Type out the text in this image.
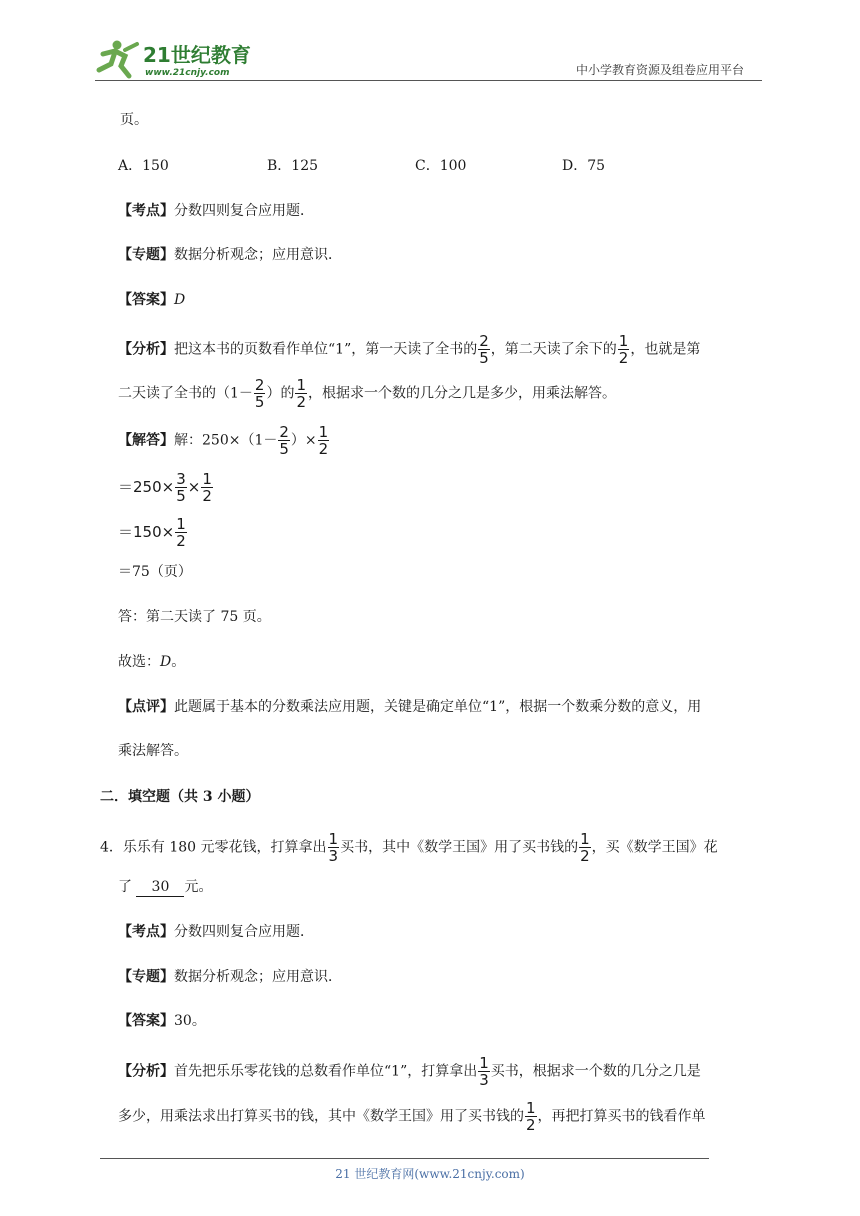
21世纪教育
www.21cnjy.com	中小学教育资源及组卷应用平台
页。
A．150	B．125	C．100	D．75
【考点】分数四则复合应用题．
【专题】数据分析观念；应用意识．
【答案】D
【分析】把这本书的页数看作单位“1”，第一天读了全书的 $\frac{2}{5}$ ，第二天读了余下的 $\frac{1}{2}$ ，也就是第
二天读了全书的（$1- \frac{2}{5}$ ）的 $\frac{1}{2}$ ，根据求一个数的几分之几是多少，用乘法解答。
【解答】解：$250\times(1- \frac{2}{5}$ ）× $\frac{1}{2}$
$=250\times \frac{3}{5} \times \frac{1}{2}$
$=150\times \frac{1}{2}$
＝75（页）
答：第二天读了 75 页。
故选：D。
【点评】此题属于基本的分数乘法应用题，关键是确定单位“1”，根据一个数乘分数的意义，用
乘法解答。
二．填空题（共 3 小题）
4．乐乐有 180 元零花钱，打算拿出 $\frac{1}{3}$ 买书，其中《数学王国》用了买书钱的 $\frac{1}{2}$ ，买《数学王国》花
了 30 元。
【考点】分数四则复合应用题．
【专题】数据分析观念；应用意识．
【答案】30。
【分析】首先把乐乐零花钱的总数看作单位“1”，打算拿出 $\frac{1}{3}$ 买书，根据求一个数的几分之几是
多少，用乘法求出打算买书的钱，其中《数学王国》用了买书钱的 $\frac{1}{2}$ ，再把打算买书的钱看作单
21 世纪教育网(www.21cnjy.com)
